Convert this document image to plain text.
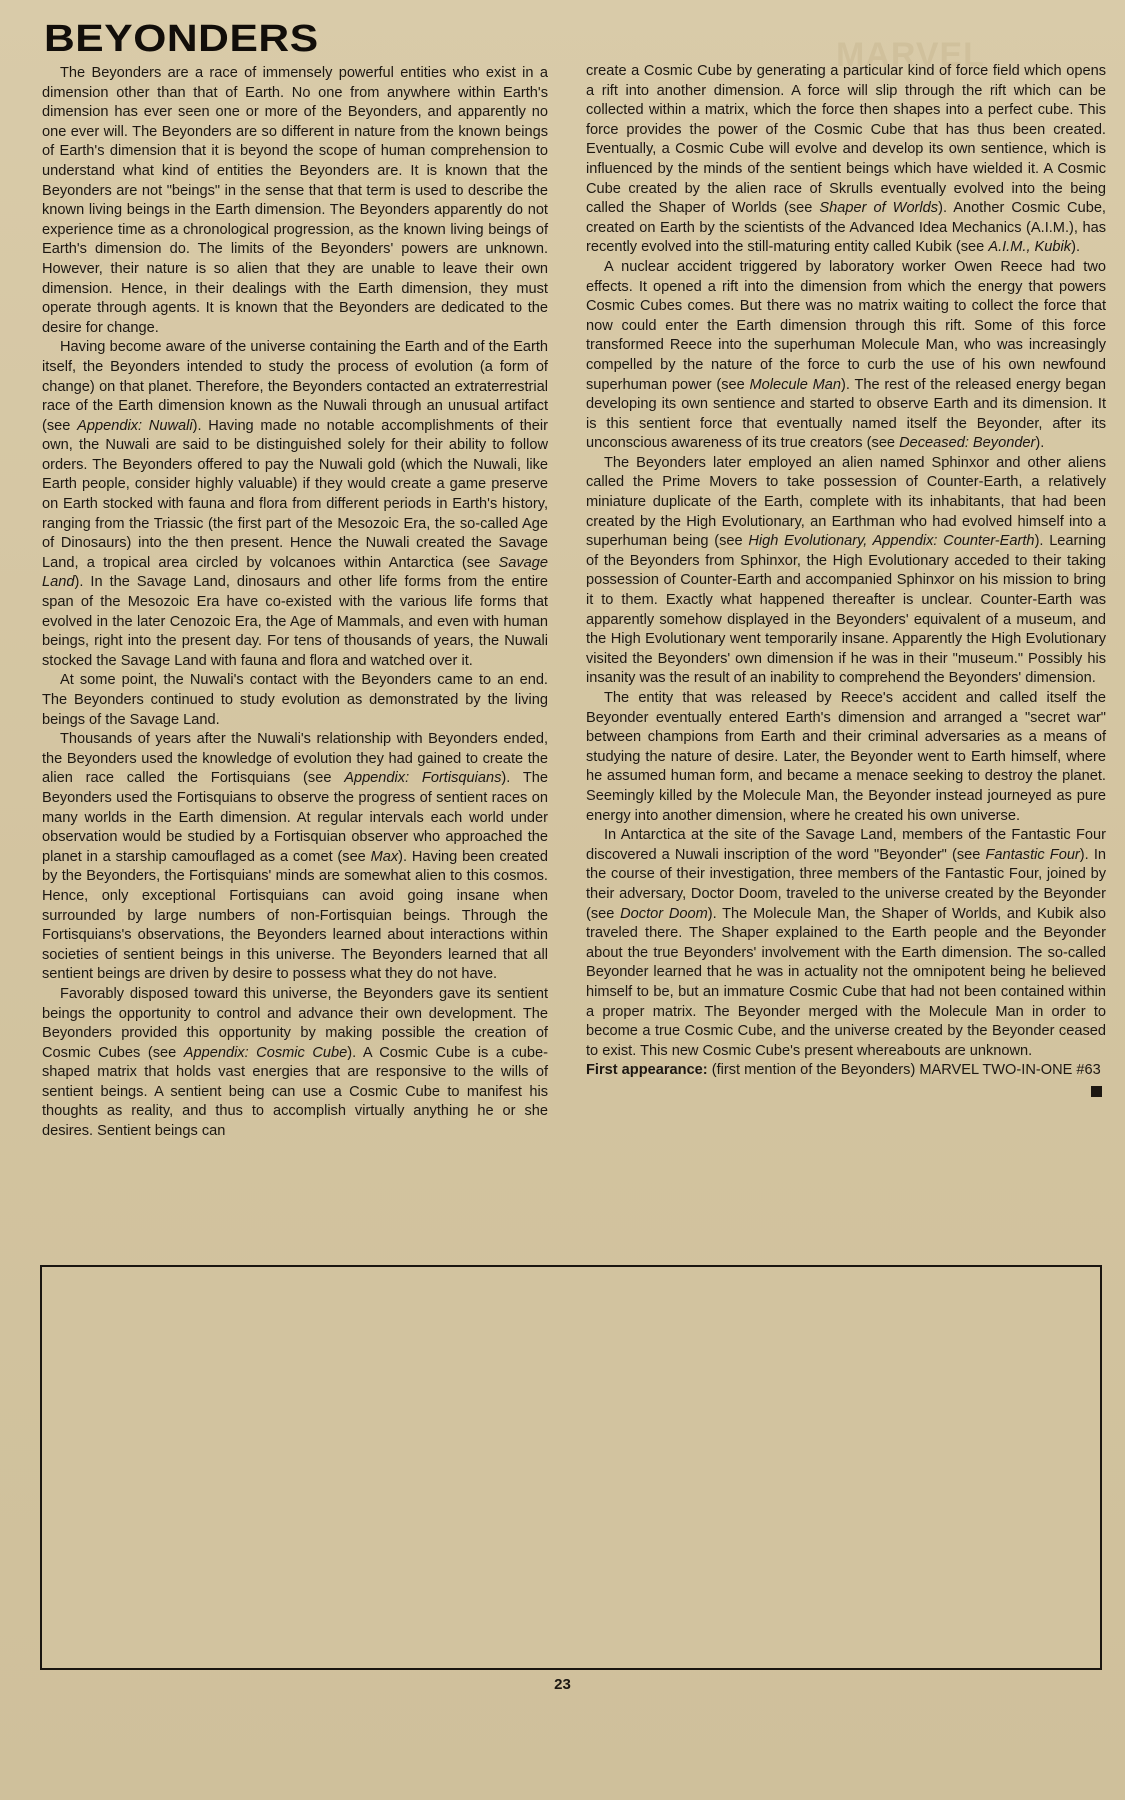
MARVEL
BEYONDERS

The Beyonders are a race of immensely powerful entities who exist in a dimension other than that of Earth. No one from anywhere within Earth's dimension has ever seen one or more of the Beyonders, and apparently no one ever will. The Beyonders are so different in nature from the known beings of Earth's dimension that it is beyond the scope of human comprehension to understand what kind of entities the Beyonders are. It is known that the Beyonders are not "beings" in the sense that that term is used to describe the known living beings in the Earth dimension. The Beyonders apparently do not experience time as a chronological progression, as the known living beings of Earth's dimension do. The limits of the Beyonders' powers are unknown. However, their nature is so alien that they are unable to leave their own dimension. Hence, in their dealings with the Earth dimension, they must operate through agents. It is known that the Beyonders are dedicated to the desire for change.

Having become aware of the universe containing the Earth and of the Earth itself, the Beyonders intended to study the process of evolution (a form of change) on that planet. Therefore, the Beyonders contacted an extraterrestrial race of the Earth dimension known as the Nuwali through an unusual artifact (see Appendix: Nuwali). Having made no notable accomplishments of their own, the Nuwali are said to be distinguished solely for their ability to follow orders. The Beyonders offered to pay the Nuwali gold (which the Nuwali, like Earth people, consider highly valuable) if they would create a game preserve on Earth stocked with fauna and flora from different periods in Earth's history, ranging from the Triassic (the first part of the Mesozoic Era, the so-called Age of Dinosaurs) into the then present. Hence the Nuwali created the Savage Land, a tropical area circled by volcanoes within Antarctica (see Savage Land). In the Savage Land, dinosaurs and other life forms from the entire span of the Mesozoic Era have co-existed with the various life forms that evolved in the later Cenozoic Era, the Age of Mammals, and even with human beings, right into the present day. For tens of thousands of years, the Nuwali stocked the Savage Land with fauna and flora and watched over it.

At some point, the Nuwali's contact with the Beyonders came to an end. The Beyonders continued to study evolution as demonstrated by the living beings of the Savage Land.

Thousands of years after the Nuwali's relationship with Beyonders ended, the Beyonders used the knowledge of evolution they had gained to create the alien race called the Fortisquians (see Appendix: Fortisquians). The Beyonders used the Fortisquians to observe the progress of sentient races on many worlds in the Earth dimension. At regular intervals each world under observation would be studied by a Fortisquian observer who approached the planet in a starship camouflaged as a comet (see Max). Having been created by the Beyonders, the Fortisquians' minds are somewhat alien to this cosmos. Hence, only exceptional Fortisquians can avoid going insane when surrounded by large numbers of non-Fortisquian beings. Through the Fortisquians's observations, the Beyonders learned about interactions within societies of sentient beings in this universe. The Beyonders learned that all sentient beings are driven by desire to possess what they do not have.

Favorably disposed toward this universe, the Beyonders gave its sentient beings the opportunity to control and advance their own development. The Beyonders provided this opportunity by making possible the creation of Cosmic Cubes (see Appendix: Cosmic Cube). A Cosmic Cube is a cube-shaped matrix that holds vast energies that are responsive to the wills of sentient beings. A sentient being can use a Cosmic Cube to manifest his thoughts as reality, and thus to accomplish virtually anything he or she desires. Sentient beings can

create a Cosmic Cube by generating a particular kind of force field which opens a rift into another dimension. A force will slip through the rift which can be collected within a matrix, which the force then shapes into a perfect cube. This force provides the power of the Cosmic Cube that has thus been created. Eventually, a Cosmic Cube will evolve and develop its own sentience, which is influenced by the minds of the sentient beings which have wielded it. A Cosmic Cube created by the alien race of Skrulls eventually evolved into the being called the Shaper of Worlds (see Shaper of Worlds). Another Cosmic Cube, created on Earth by the scientists of the Advanced Idea Mechanics (A.I.M.), has recently evolved into the still-maturing entity called Kubik (see A.I.M., Kubik).

A nuclear accident triggered by laboratory worker Owen Reece had two effects. It opened a rift into the dimension from which the energy that powers Cosmic Cubes comes. But there was no matrix waiting to collect the force that now could enter the Earth dimension through this rift. Some of this force transformed Reece into the superhuman Molecule Man, who was increasingly compelled by the nature of the force to curb the use of his own newfound superhuman power (see Molecule Man). The rest of the released energy began developing its own sentience and started to observe Earth and its dimension. It is this sentient force that eventually named itself the Beyonder, after its unconscious awareness of its true creators (see Deceased: Beyonder).

The Beyonders later employed an alien named Sphinxor and other aliens called the Prime Movers to take possession of Counter-Earth, a relatively miniature duplicate of the Earth, complete with its inhabitants, that had been created by the High Evolutionary, an Earthman who had evolved himself into a superhuman being (see High Evolutionary, Appendix: Counter-Earth). Learning of the Beyonders from Sphinxor, the High Evolutionary acceded to their taking possession of Counter-Earth and accompanied Sphinxor on his mission to bring it to them. Exactly what happened thereafter is unclear. Counter-Earth was apparently somehow displayed in the Beyonders' equivalent of a museum, and the High Evolutionary went temporarily insane. Apparently the High Evolutionary visited the Beyonders' own dimension if he was in their "museum." Possibly his insanity was the result of an inability to comprehend the Beyonders' dimension.

The entity that was released by Reece's accident and called itself the Beyonder eventually entered Earth's dimension and arranged a "secret war" between champions from Earth and their criminal adversaries as a means of studying the nature of desire. Later, the Beyonder went to Earth himself, where he assumed human form, and became a menace seeking to destroy the planet. Seemingly killed by the Molecule Man, the Beyonder instead journeyed as pure energy into another dimension, where he created his own universe.

In Antarctica at the site of the Savage Land, members of the Fantastic Four discovered a Nuwali inscription of the word "Beyonder" (see Fantastic Four). In the course of their investigation, three members of the Fantastic Four, joined by their adversary, Doctor Doom, traveled to the universe created by the Beyonder (see Doctor Doom). The Molecule Man, the Shaper of Worlds, and Kubik also traveled there. The Shaper explained to the Earth people and the Beyonder about the true Beyonders' involvement with the Earth dimension. The so-called Beyonder learned that he was in actuality not the omnipotent being he believed himself to be, but an immature Cosmic Cube that had not been contained within a proper matrix. The Beyonder merged with the Molecule Man in order to become a true Cosmic Cube, and the universe created by the Beyonder ceased to exist. This new Cosmic Cube's present whereabouts are unknown.

First appearance: (first mention of the Beyonders) MARVEL TWO-IN-ONE #63

23
